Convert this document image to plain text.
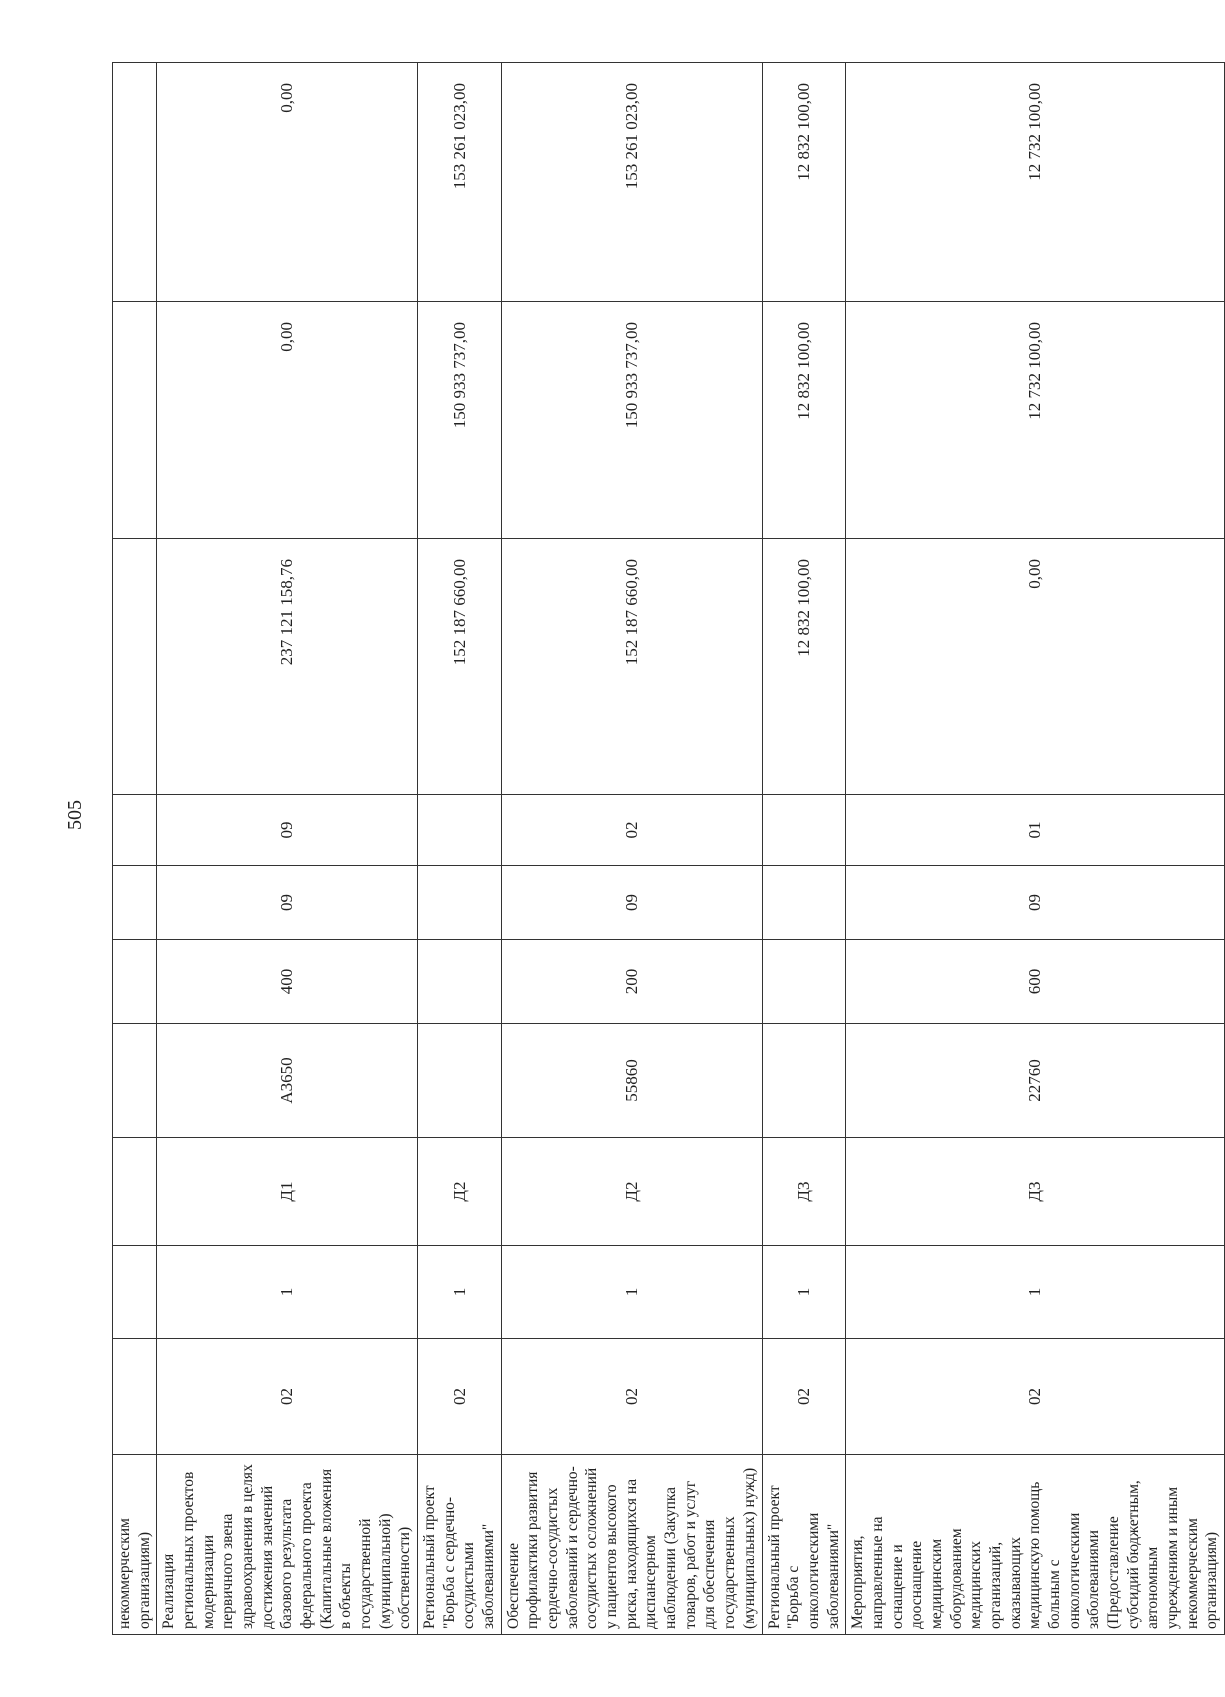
505
некоммерческим организациям)										
Реализация региональных проектов модернизации первичного звена здравоохранения в целях достижения значений базового результата федерального проекта (Капитальные вложения в объекты государственной (муниципальной) собственности)	02	1	Д1	А3650	400	09	09	237 121 158,76	0,00	0,00
Региональный проект "Борьба с сердечно-сосудистыми заболеваниями"	02	1	Д2					152 187 660,00	150 933 737,00	153 261 023,00
Обеспечение профилактики развития сердечно-сосудистых заболеваний и сердечно-сосудистых осложнений у пациентов высокого риска, находящихся на диспансерном наблюдении (Закупка товаров, работ и услуг для обеспечения государственных (муниципальных) нужд)	02	1	Д2	55860	200	09	02	152 187 660,00	150 933 737,00	153 261 023,00
Региональный проект "Борьба с онкологическими заболеваниями"	02	1	Д3					12 832 100,00	12 832 100,00	12 832 100,00
Мероприятия, направленные на оснащение и дооснащение медицинским оборудованием медицинских организаций, оказывающих медицинскую помощь больным с онкологическими заболеваниями (Предоставление субсидий бюджетным, автономным учреждениям и иным некоммерческим организациям)	02	1	Д3	22760	600	09	01	0,00	12 732 100,00	12 732 100,00
